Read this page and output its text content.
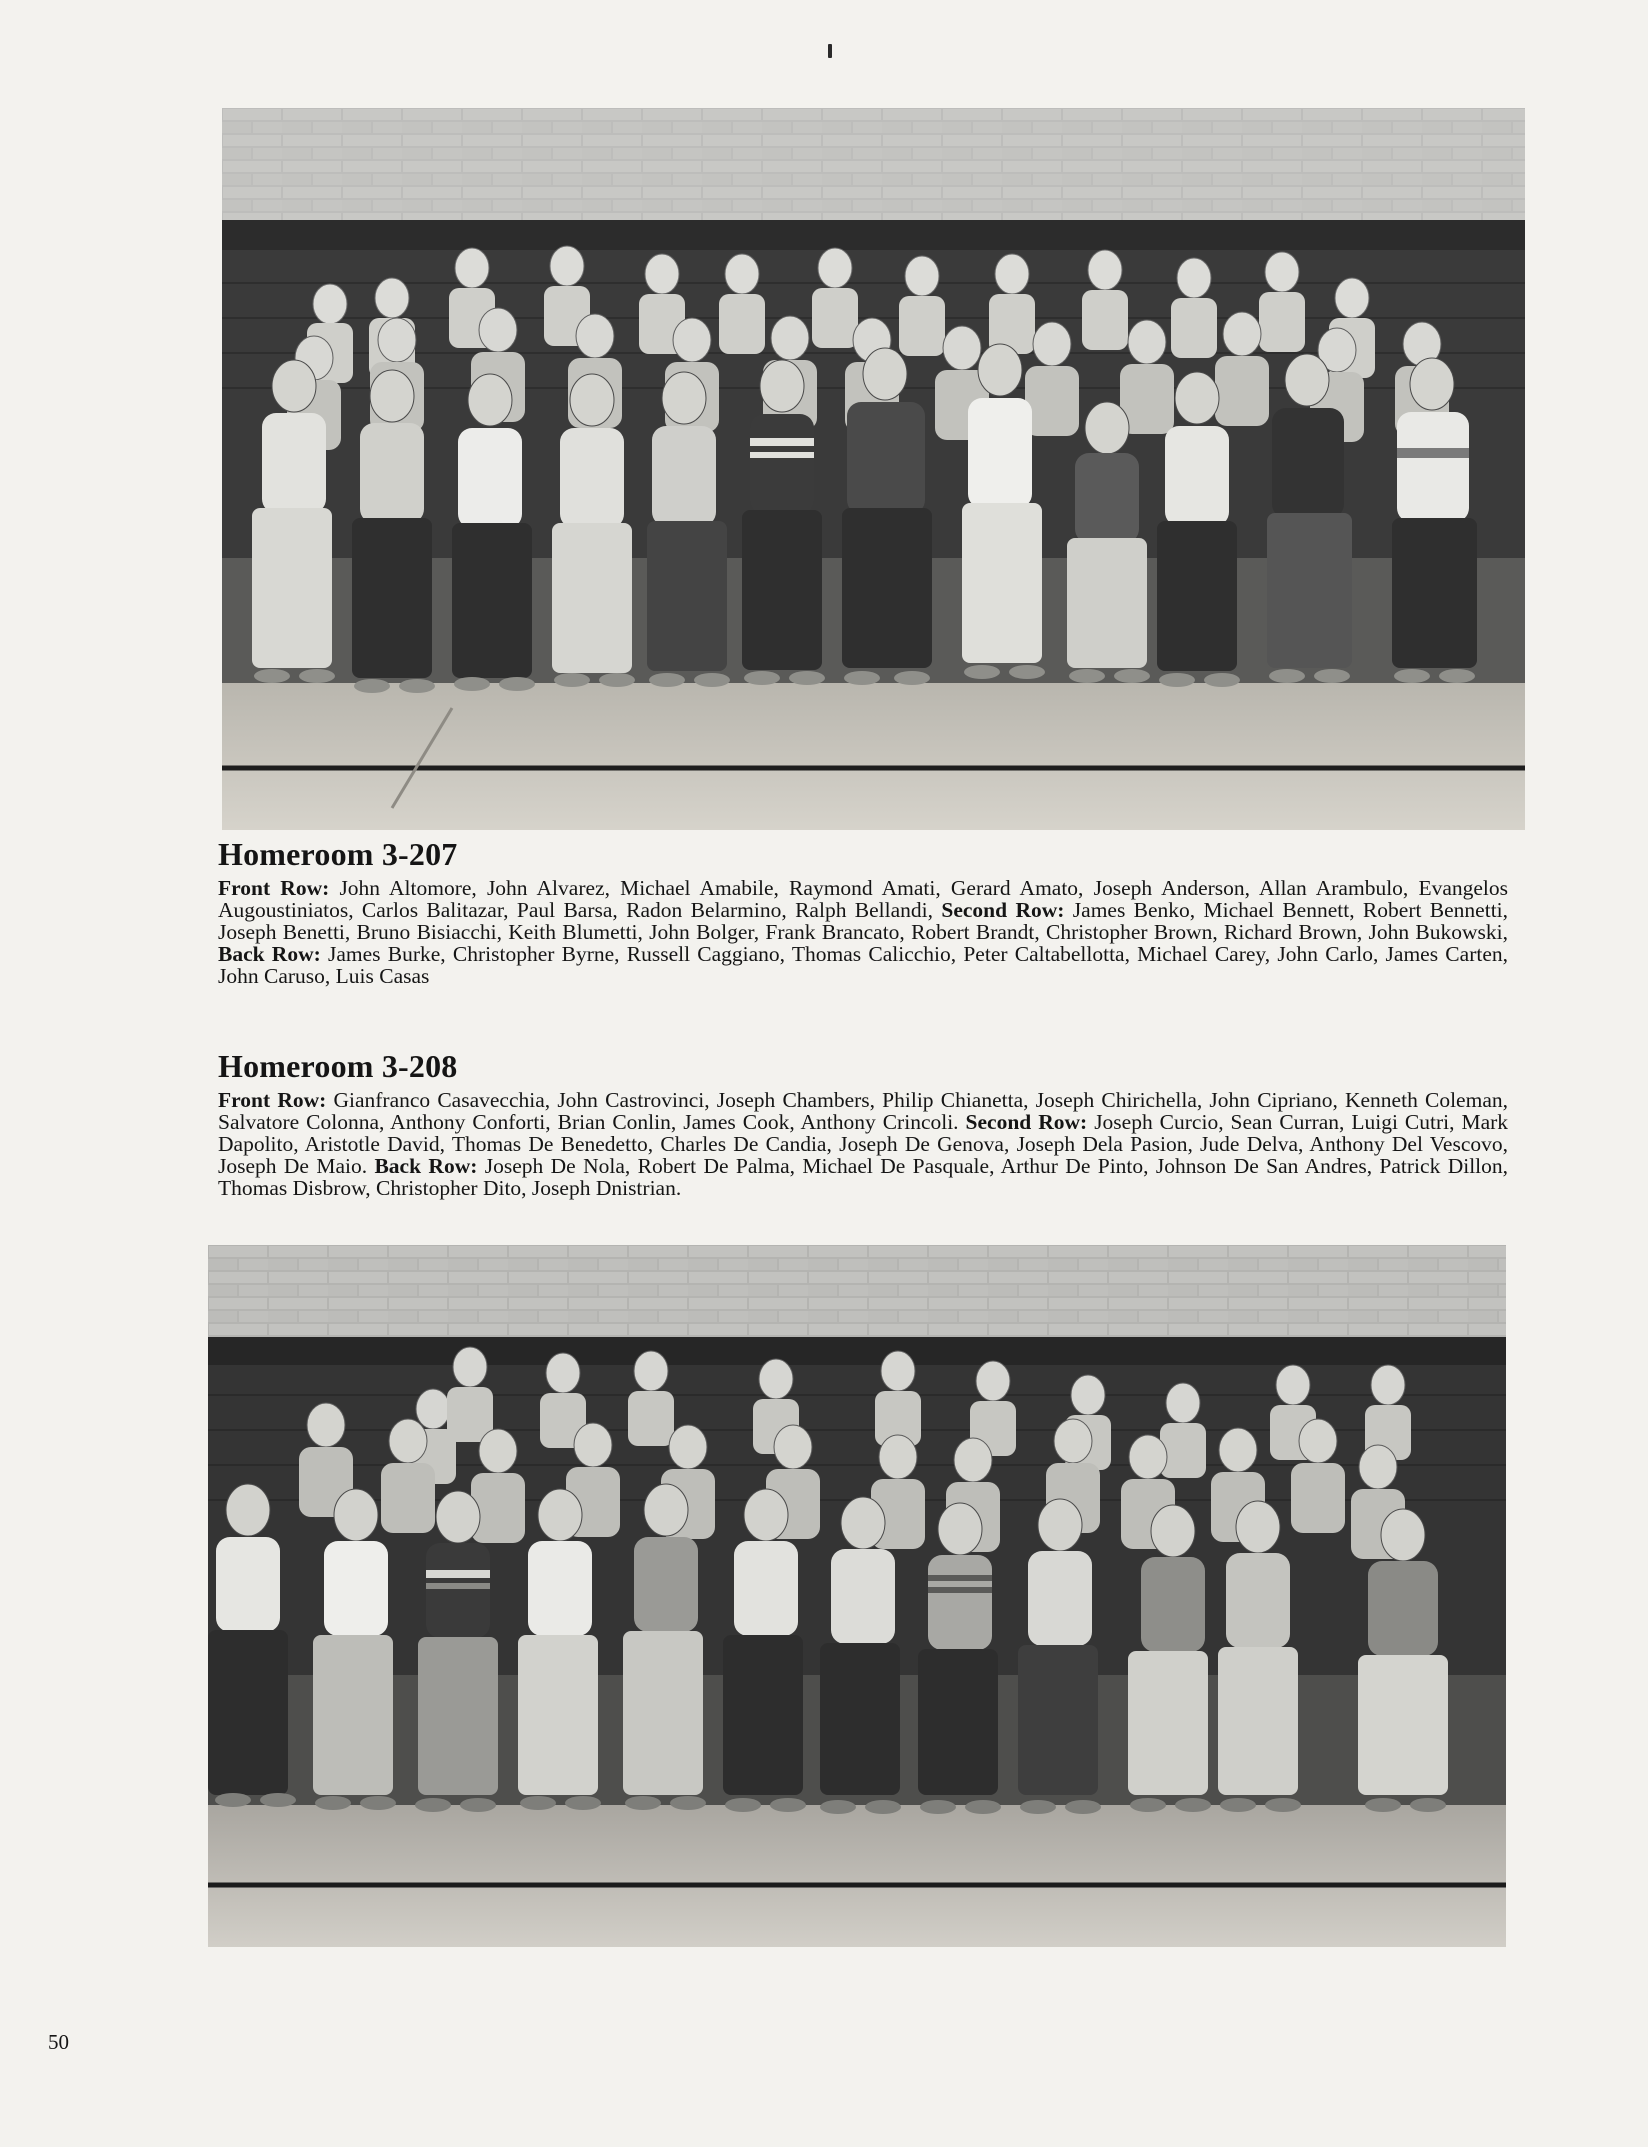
Homeroom 3-207

Front Row: John Altomore, John Alvarez, Michael Amabile, Raymond Amati, Gerard Amato, Joseph Anderson, Allan Arambulo, Evangelos Augoustiniatos, Carlos Balitazar, Paul Barsa, Radon Belarmino, Ralph Bellandi, Second Row: James Benko, Michael Bennett, Robert Bennetti, Joseph Benetti, Bruno Bisiacchi, Keith Blumetti, John Bolger, Frank Brancato, Robert Brandt, Christopher Brown, Richard Brown, John Bukowski, Back Row: James Burke, Christopher Byrne, Russell Caggiano, Thomas Calicchio, Peter Caltabellotta, Michael Carey, John Carlo, James Carten, John Caruso, Luis Casas

Homeroom 3-208

Front Row: Gianfranco Casavecchia, John Castrovinci, Joseph Chambers, Philip Chianetta, Joseph Chirichella, John Cipriano, Kenneth Coleman, Salvatore Colonna, Anthony Conforti, Brian Conlin, James Cook, Anthony Crincoli. Second Row: Joseph Curcio, Sean Curran, Luigi Cutri, Mark Dapolito, Aristotle David, Thomas De Benedetto, Charles De Candia, Joseph De Genova, Joseph Dela Pasion, Jude Delva, Anthony Del Vescovo, Joseph De Maio. Back Row: Joseph De Nola, Robert De Palma, Michael De Pasquale, Arthur De Pinto, Johnson De San Andres, Patrick Dillon, Thomas Disbrow, Christopher Dito, Joseph Dnistrian.

50
